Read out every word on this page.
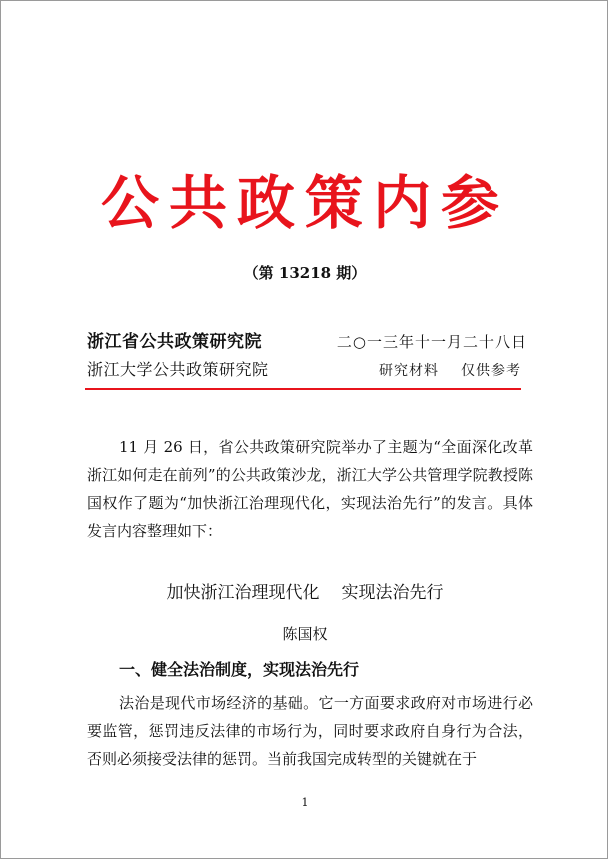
公共政策内参
（第 13218 期）
浙江省公共政策研究院	二○一三年十一月二十八日
浙江大学公共政策研究院	研究材料 仅供参考

11 月 26 日，省公共政策研究院举办了主题为“全面深化改革浙江如何走在前列”的公共政策沙龙，浙江大学公共管理学院教授陈国权作了题为“加快浙江治理现代化，实现法治先行”的发言。具体发言内容整理如下：

加快浙江治理现代化 实现法治先行
陈国权
一、健全法治制度，实现法治先行

法治是现代市场经济的基础。它一方面要求政府对市场进行必要监管，惩罚违反法律的市场行为，同时要求政府自身行为合法，否则必须接受法律的惩罚。当前我国完成转型的关键就在于

1
